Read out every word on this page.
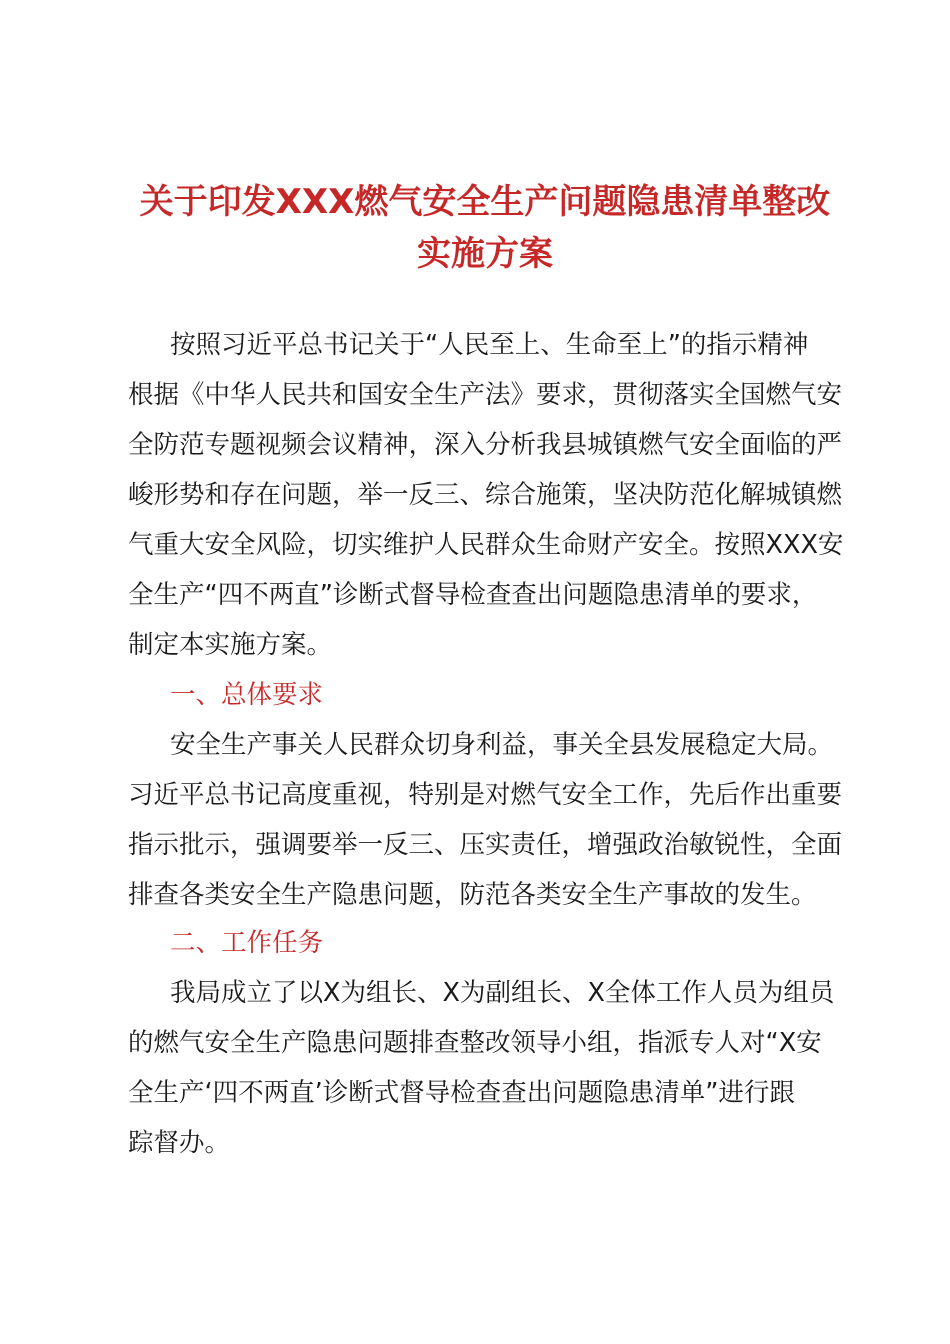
关于印发XXX燃气安全生产问题隐患清单整改
实施方案
按照习近平总书记关于“人民至上、生命至上”的指示精神
根据《中华人民共和国安全生产法》要求，贯彻落实全国燃气安
全防范专题视频会议精神，深入分析我县城镇燃气安全面临的严
峻形势和存在问题，举一反三、综合施策，坚决防范化解城镇燃
气重大安全风险，切实维护人民群众生命财产安全。按照XXX安
全生产“四不两直”诊断式督导检查查出问题隐患清单的要求，
制定本实施方案。
一、总体要求
安全生产事关人民群众切身利益，事关全县发展稳定大局。
习近平总书记高度重视，特别是对燃气安全工作，先后作出重要
指示批示，强调要举一反三、压实责任，增强政治敏锐性，全面
排查各类安全生产隐患问题，防范各类安全生产事故的发生。
二、工作任务
我局成立了以X为组长、X为副组长、X全体工作人员为组员
的燃气安全生产隐患问题排查整改领导小组，指派专人对“X安
全生产‘四不两直’诊断式督导检查查出问题隐患清单”进行跟
踪督办。
